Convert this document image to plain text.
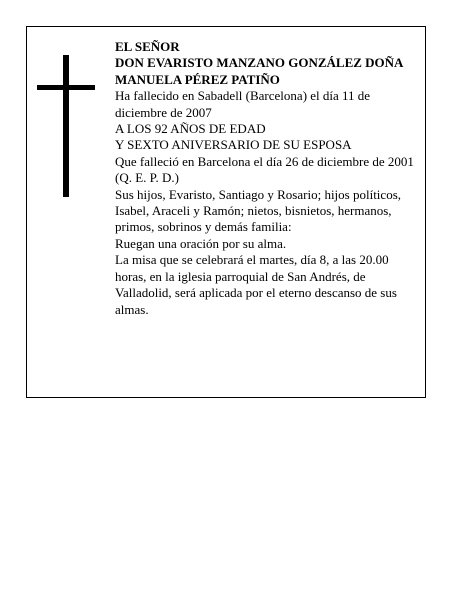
EL SEÑOR

DON EVARISTO MANZANO GONZÁLEZ DOÑA MANUELA PÉREZ PATIÑO

Ha fallecido en Sabadell (Barcelona) el día 11 de diciembre de 2007

A LOS 92 AÑOS DE EDAD

Y SEXTO ANIVERSARIO DE SU ESPOSA

Que falleció en Barcelona el día 26 de diciembre de 2001

(Q. E. P. D.)

Sus hijos, Evaristo, Santiago y Rosario; hijos políticos, Isabel, Araceli y Ramón; nietos, bisnietos, hermanos, primos, sobrinos y demás familia:

Ruegan una oración por su alma.

La misa que se celebrará el martes, día 8, a las 20.00 horas, en la iglesia parroquial de San Andrés, de Valladolid, será aplicada por el eterno descanso de sus almas.
